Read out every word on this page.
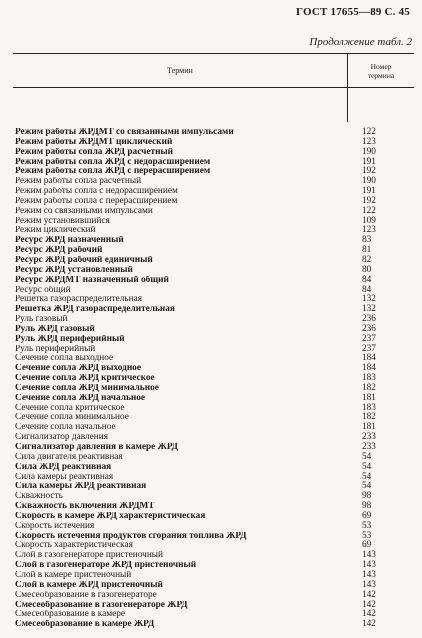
ГОСТ 17655—89 С. 45
Продолжение табл. 2
Термин	Номер
термина
Режим работы ЖРДМТ со связанными импульсами	122
Режим работы ЖРДМТ циклический	123
Режим работы сопла ЖРД расчетный	190
Режим работы сопла ЖРД с недорасширением	191
Режим работы сопла ЖРД с перерасширением	192
Режим работы сопла расчетный	190
Режим работы сопла с недорасширением	191
Режим работы сопла с перерасширением	192
Режим со связанными импульсами	122
Режим установившийся	109
Режим циклический	123
Ресурс ЖРД назначенный	83
Ресурс ЖРД рабочий	81
Ресурс ЖРД рабочий единичный	82
Ресурс ЖРД установленный	80
Ресурс ЖРДМТ назначенный общий	84
Ресурс общий	84
Решетка газораспределительная	132
Решетка ЖРД газораспределительная	132
Руль газовый	236
Руль ЖРД газовый	236
Руль ЖРД периферийный	237
Руль периферийный	237
Сечение сопла выходное	184
Сечение сопла ЖРД выходное	184
Сечение сопла ЖРД критическое	183
Сечение сопла ЖРД минимальное	182
Сечение сопла ЖРД начальное	181
Сечение сопла критическое	183
Сечение сопла минимальное	182
Сечение сопла начальное	181
Сигнализатор давления	233
Сигнализатор давления в камере ЖРД	233
Сила двигателя реактивная	54
Сила ЖРД реактивная	54
Сила камеры реактивная	54
Сила камеры ЖРД реактивная	54
Скважность	98
Скважность включения ЖРДМТ	98
Скорость в камере ЖРД характеристическая	69
Скорость истечения	53
Скорость истечения продуктов сгорания топлива ЖРД	53
Скорость характеристическая	69
Слой в газогенераторе пристеночный	143
Слой в газогенераторе ЖРД пристеночный	143
Слой в камере пристеночный	143
Слой в камере ЖРД пристеночный	143
Смесеобразование в газогенераторе	142
Смесеобразование в газогенераторе ЖРД	142
Смесеобразование в камере	142
Смесеобразование в камере ЖРД	142
